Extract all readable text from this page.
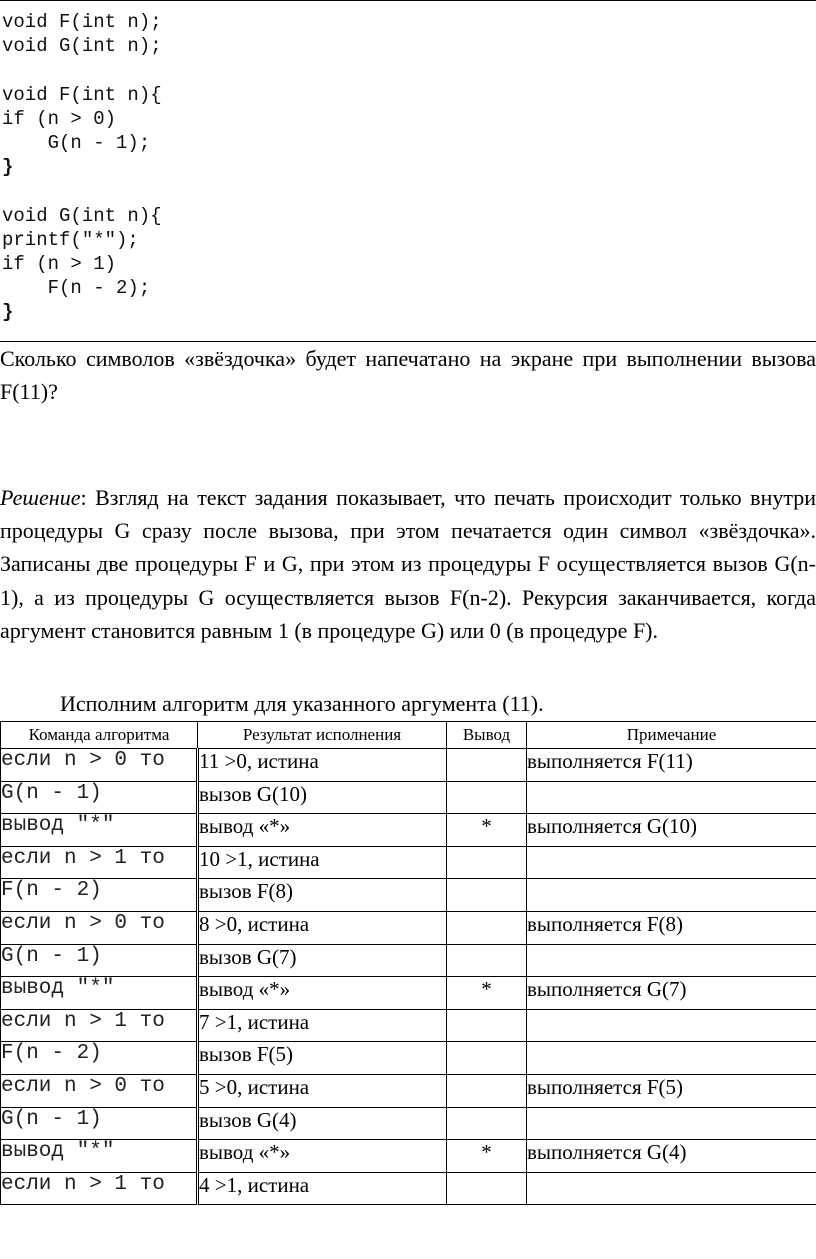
void F(int n);
void G(int n);

void F(int n){
if (n > 0)
G(n - 1);
}

void G(int n){
printf("*");
if (n > 1)
F(n - 2);
}

Сколько символов «звёздочка» будет напечатано на экране при выполнении вызова F(11)?

Решение: Взгляд на текст задания показывает, что печать происходит только внутри процедуры G сразу после вызова, при этом печатается один символ «звёздочка». Записаны две процедуры F и G, при этом из процедуры F осуществляется вызов G(n-1), а из процедуры G осуществляется вызов F(n-2). Рекурсия заканчивается, когда аргумент становится равным 1 (в процедуре G) или 0 (в процедуре F).

Исполним алгоритм для указанного аргумента (11).

Команда алгоритма	Результат исполнения	Вывод	Примечание
если n > 0 то	11 >0, истина		выполняется F(11)
G(n - 1)	вызов G(10)		
вывод "*"	вывод «*»	*	выполняется G(10)
если n > 1 то	10 >1, истина		
F(n - 2)	вызов F(8)		
если n > 0 то	8 >0, истина		выполняется F(8)
G(n - 1)	вызов G(7)		
вывод "*"	вывод «*»	*	выполняется G(7)
если n > 1 то	7 >1, истина		
F(n - 2)	вызов F(5)		
если n > 0 то	5 >0, истина		выполняется F(5)
G(n - 1)	вызов G(4)		
вывод "*"	вывод «*»	*	выполняется G(4)
если n > 1 то	4 >1, истина		
